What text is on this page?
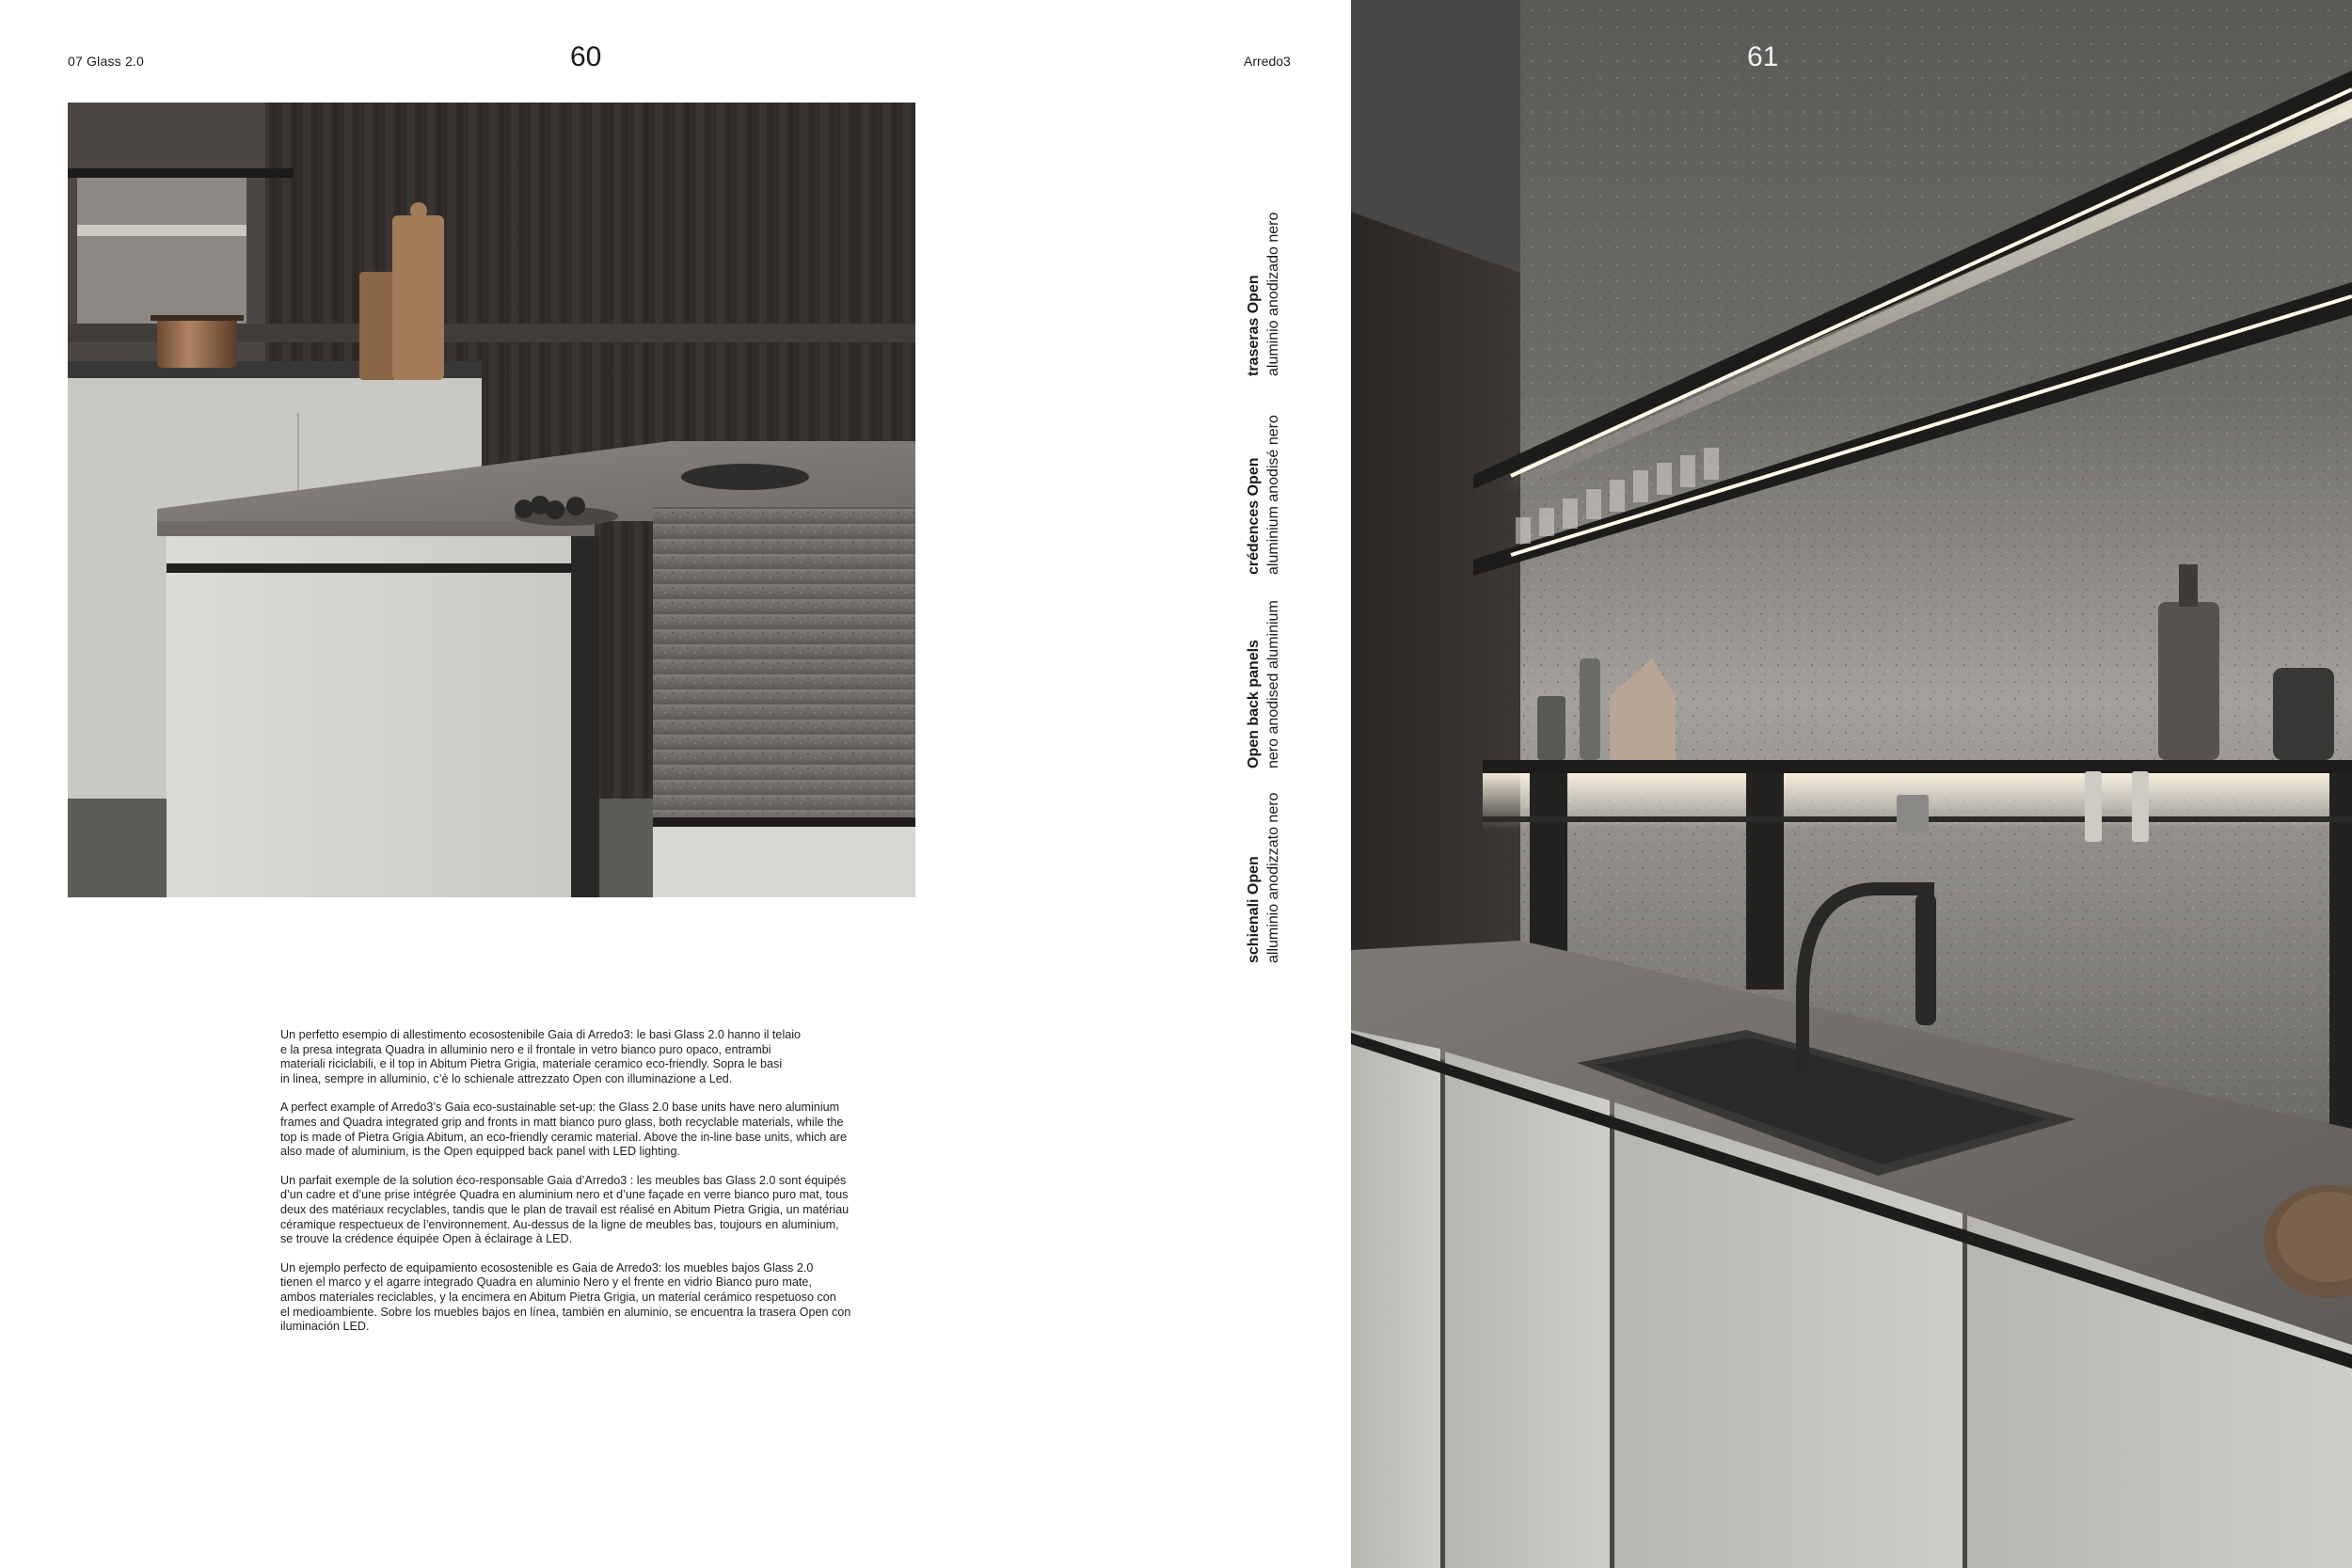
07 Glass 2.0	60	Arredo3

Un perfetto esempio di allestimento ecosostenibile Gaia di Arredo3: le basi Glass 2.0 hanno il telaio
e la presa integrata Quadra in alluminio nero e il frontale in vetro bianco puro opaco, entrambi
materiali riciclabili, e il top in Abitum Pietra Grigia, materiale ceramico eco-friendly. Sopra le basi
in linea, sempre in alluminio, c’è lo schienale attrezzato Open con illuminazione a Led.

A perfect example of Arredo3’s Gaia eco-sustainable set-up: the Glass 2.0 base units have nero aluminium
frames and Quadra integrated grip and fronts in matt bianco puro glass, both recyclable materials, while the
top is made of Pietra Grigia Abitum, an eco-friendly ceramic material. Above the in-line base units, which are
also made of aluminium, is the Open equipped back panel with LED lighting.

Un parfait exemple de la solution éco-responsable Gaia d’Arredo3 : les meubles bas Glass 2.0 sont équipés
d’un cadre et d’une prise intégrée Quadra en aluminium nero et d’une façade en verre bianco puro mat, tous
deux des matériaux recyclables, tandis que le plan de travail est réalisé en Abitum Pietra Grigia, un matériau
céramique respectueux de l’environnement. Au-dessus de la ligne de meubles bas, toujours en aluminium,
se trouve la crédence équipée Open à éclairage à LED.

Un ejemplo perfecto de equipamiento ecosostenible es Gaia de Arredo3: los muebles bajos Glass 2.0
tienen el marco y el agarre integrado Quadra en aluminio Nero y el frente en vidrio Bianco puro mate,
ambos materiales reciclables, y la encimera en Abitum Pietra Grigia, un material cerámico respetuoso con
el medioambiente. Sobre los muebles bajos en línea, también en aluminio, se encuentra la trasera Open con
iluminación LED.

schienali Open alluminio anodizzato nero
Open back panels nero anodised aluminium
crédences Open aluminium anodisé nero
traseras Open aluminio anodizado nero
61
